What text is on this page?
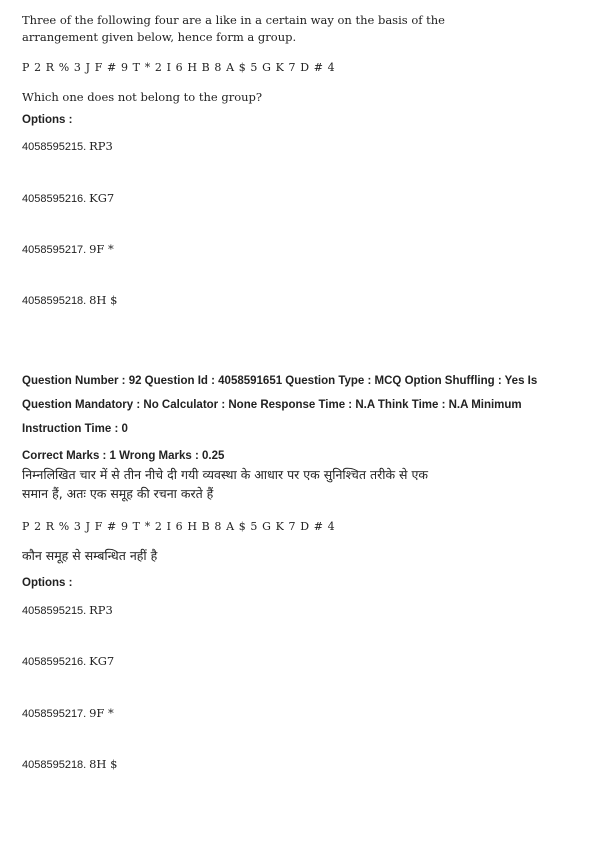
Three of the following four are a like in a certain way on the basis of the
arrangement given below, hence form a group.
P 2 R % 3 J F # 9 T * 2 I 6 H B 8 A $ 5 G K 7 D # 4
Which one does not belong to the group?
Options :
4058595215. RP3
4058595216. KG7
4058595217. 9F *
4058595218. 8H $
Question Number : 92 Question Id : 4058591651 Question Type : MCQ Option Shuffling : Yes Is
Question Mandatory : No Calculator : None Response Time : N.A Think Time : N.A Minimum
Instruction Time : 0
Correct Marks : 1 Wrong Marks : 0.25
निम्नलिखित चार में से तीन नीचे दी गयी व्यवस्था के आधार पर एक सुनिश्चित तरीके से एक
समान हैं, अतः एक समूह की रचना करते हैं
P 2 R % 3 J F # 9 T * 2 I 6 H B 8 A $ 5 G K 7 D # 4
कौन समूह से सम्बन्धित नहीं है
Options :
4058595215. RP3
4058595216. KG7
4058595217. 9F *
4058595218. 8H $
